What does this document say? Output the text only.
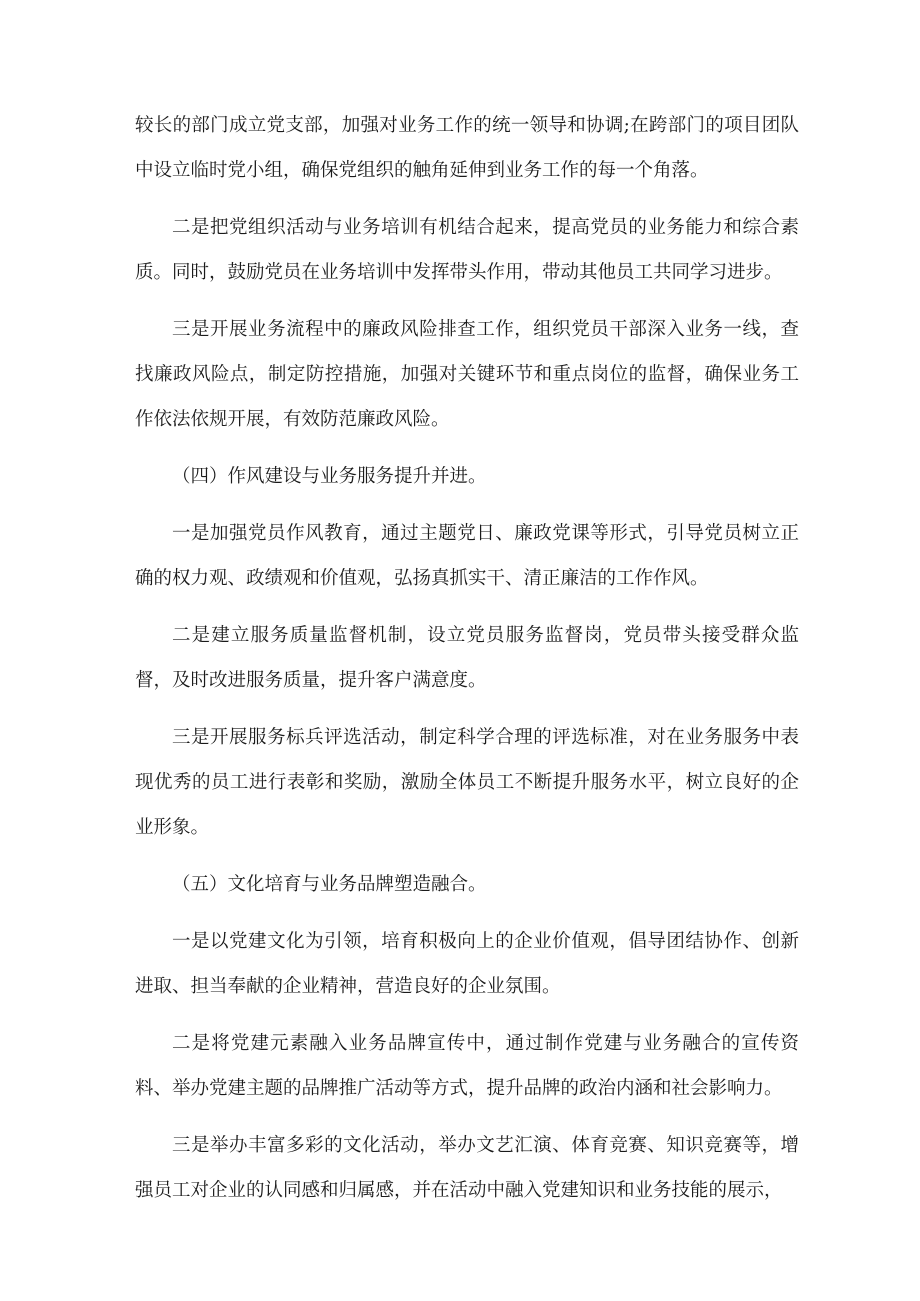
较长的部门成立党支部，加强对业务工作的统一领导和协调;在跨部门的项目团队中设立临时党小组，确保党组织的触角延伸到业务工作的每一个角落。

二是把党组织活动与业务培训有机结合起来，提高党员的业务能力和综合素质。同时，鼓励党员在业务培训中发挥带头作用，带动其他员工共同学习进步。

三是开展业务流程中的廉政风险排查工作，组织党员干部深入业务一线，查找廉政风险点，制定防控措施，加强对关键环节和重点岗位的监督，确保业务工作依法依规开展，有效防范廉政风险。

（四）作风建设与业务服务提升并进。

一是加强党员作风教育，通过主题党日、廉政党课等形式，引导党员树立正确的权力观、政绩观和价值观，弘扬真抓实干、清正廉洁的工作作风。

二是建立服务质量监督机制，设立党员服务监督岗，党员带头接受群众监督，及时改进服务质量，提升客户满意度。

三是开展服务标兵评选活动，制定科学合理的评选标准，对在业务服务中表现优秀的员工进行表彰和奖励，激励全体员工不断提升服务水平，树立良好的企业形象。

（五）文化培育与业务品牌塑造融合。

一是以党建文化为引领，培育积极向上的企业价值观，倡导团结协作、创新进取、担当奉献的企业精神，营造良好的企业氛围。

二是将党建元素融入业务品牌宣传中，通过制作党建与业务融合的宣传资料、举办党建主题的品牌推广活动等方式，提升品牌的政治内涵和社会影响力。

三是举办丰富多彩的文化活动，举办文艺汇演、体育竞赛、知识竞赛等，增强员工对企业的认同感和归属感，并在活动中融入党建知识和业务技能的展示，
